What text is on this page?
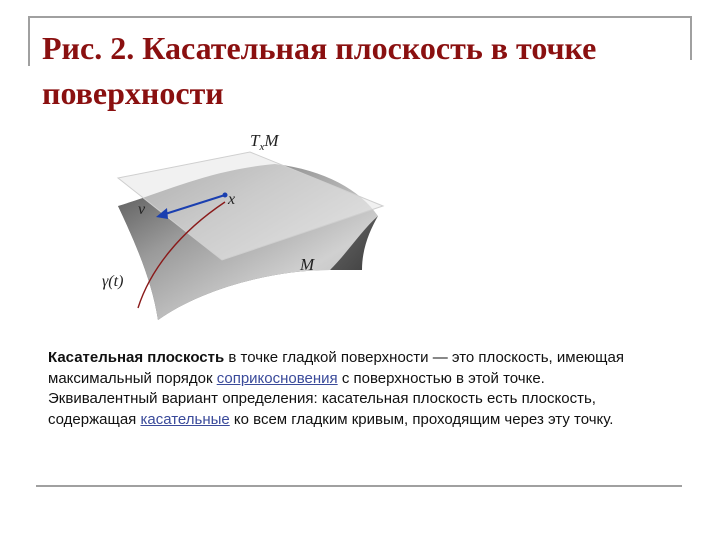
Рис. 2. Касательная плоскость в точке поверхности
$T_xM$
v
x
M
γ(t)

Касательная плоскость в точке гладкой поверхности — это плоскость, имеющая максимальный порядок соприкосновения с поверхностью в этой точке. Эквивалентный вариант определения: касательная плоскость есть плоскость, содержащая касательные ко всем гладким кривым, проходящим через эту точку.
